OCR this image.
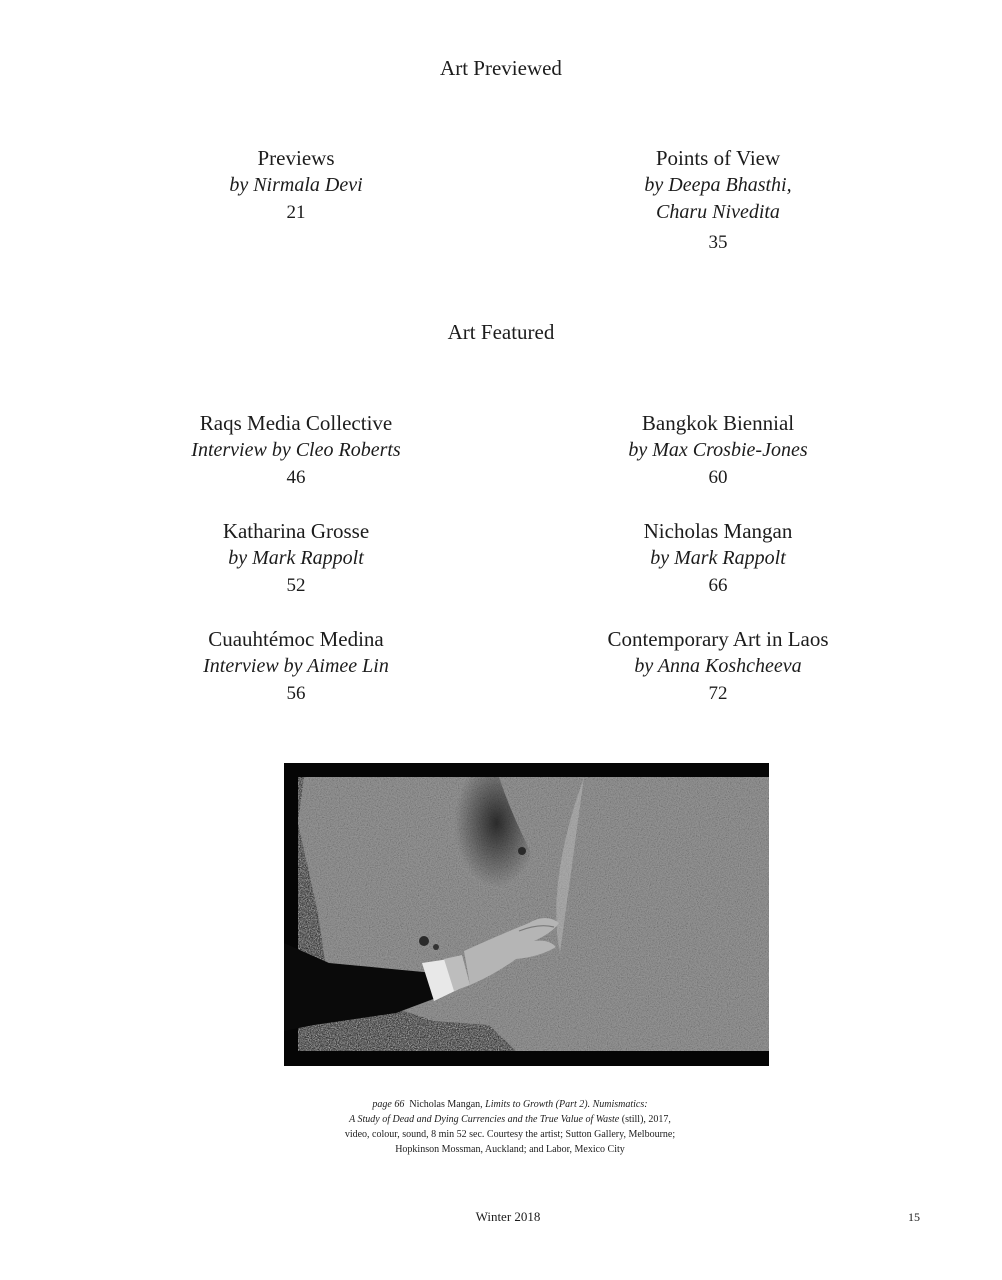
Art Previewed
Previews
by Nirmala Devi
21
Points of View
by Deepa Bhasthi,
Charu Nivedita
35
Art Featured
Raqs Media Collective
Interview by Cleo Roberts
46
Bangkok Biennial
by Max Crosbie-Jones
60
Katharina Grosse
by Mark Rappolt
52
Nicholas Mangan
by Mark Rappolt
66
Cuauhtémoc Medina
Interview by Aimee Lin
56
Contemporary Art in Laos
by Anna Koshcheeva
72
page 66 Nicholas Mangan, Limits to Growth (Part 2). Numismatics:
A Study of Dead and Dying Currencies and the True Value of Waste (still), 2017,
video, colour, sound, 8 min 52 sec. Courtesy the artist; Sutton Gallery, Melbourne;
Hopkinson Mossman, Auckland; and Labor, Mexico City
Winter 2018	15
